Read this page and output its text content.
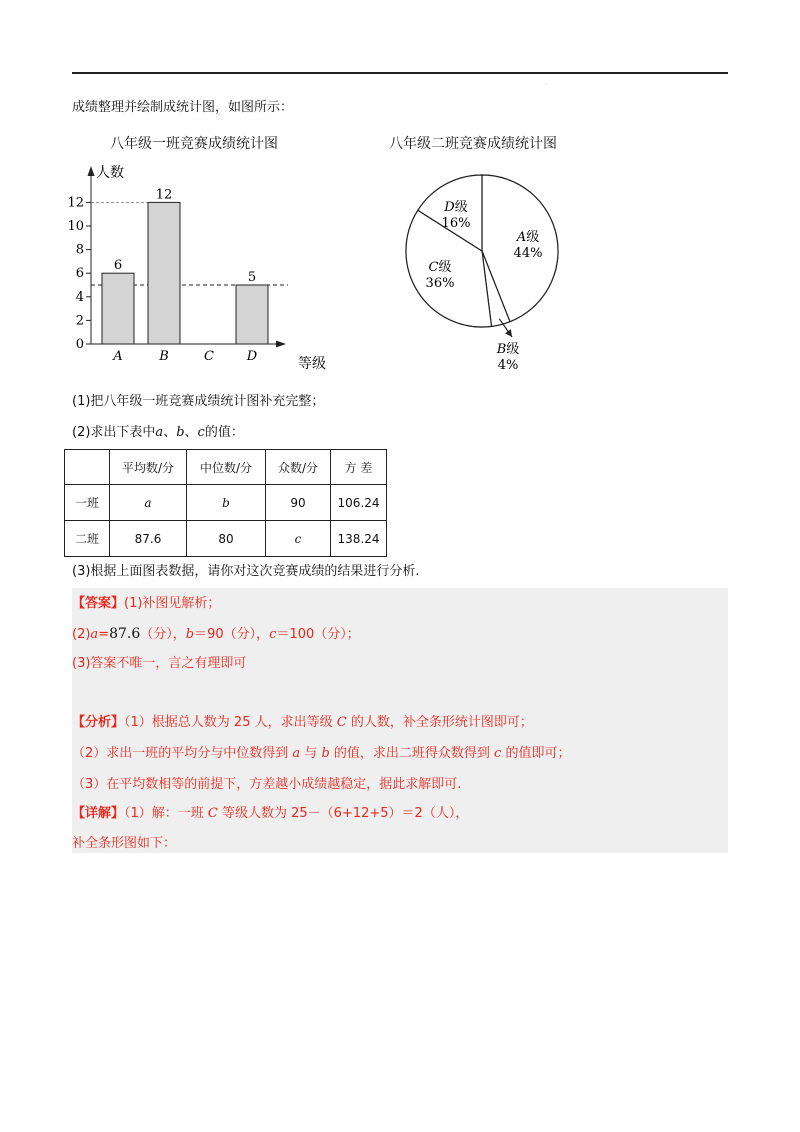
.
成绩整理并绘制成统计图，如图所示：
八年级一班竞赛成绩统计图
人数
等级
0
2
4
6
8
10
12
6
12
5
A	B	C	D
八年级二班竞赛成绩统计图
A级
44%
B级
4%
C级
36%
D级
16%
(1)把八年级一班竞赛成绩统计图补充完整；
(2)求出下表中a、b、c的值：
	平均数/分	中位数/分	众数/分	方 差
一班	a	b	90	106.24
二班	87.6	80	c	138.24
(3)根据上面图表数据，请你对这次竞赛成绩的结果进行分析.
【答案】(1)补图见解析；
(2)a=87.6（分），b＝90（分），c＝100（分）；
(3)答案不唯一，言之有理即可
【分析】（1）根据总人数为 25 人，求出等级 C 的人数，补全条形统计图即可；
（2）求出一班的平均分与中位数得到 a 与 b 的值，求出二班得众数得到 c 的值即可；
（3）在平均数相等的前提下，方差越小成绩越稳定，据此求解即可.
【详解】（1）解：一班 C 等级人数为 25－（6+12+5）＝2（人），
补全条形图如下：
